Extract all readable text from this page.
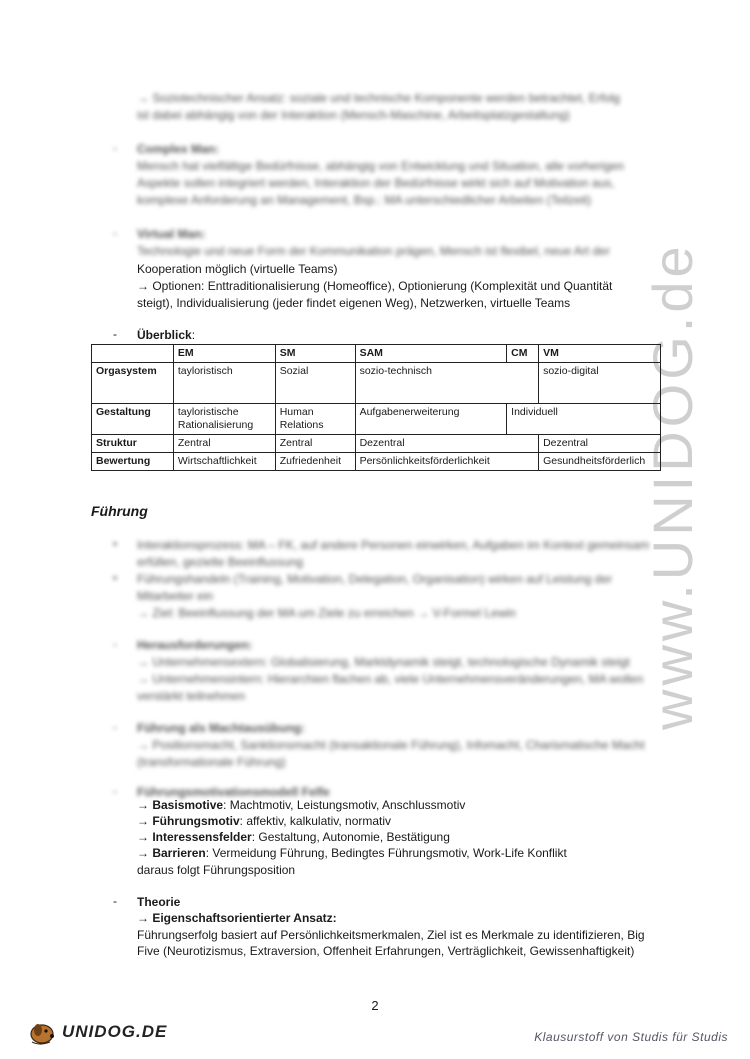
www.UNIDOG.de
→ Soziotechnischer Ansatz: soziale und technische Komponente werden betrachtet, Erfolg
ist dabei abhängig von der Interaktion (Mensch-Maschine, Arbeitsplatzgestaltung)
-	Complex Man:
Mensch hat vielfältige Bedürfnisse, abhängig von Entwicklung und Situation, alle vorherigen
Aspekte sollen integriert werden, Interaktion der Bedürfnisse wirkt sich auf Motivation aus,
komplexe Anforderung an Management, Bsp.: MA unterschiedlicher Arbeiten (Teilzeit)
-	Virtual Man:
Technologie und neue Form der Kommunikation prägen, Mensch ist flexibel, neue Art der
Kooperation möglich (virtuelle Teams)
→ Optionen: Enttraditionalisierung (Homeoffice), Optionierung (Komplexität und Quantität
steigt), Individualisierung (jeder findet eigenen Weg), Netzwerken, virtuelle Teams
-	Überblick:
	EM	SM	SAM	CM	VM
Orgasystem	tayloristisch	Sozial	sozio-technisch		sozio-digital
Gestaltung	tayloristische Rationalisierung	Human Relations	Aufgabenerweiterung	Individuell	
Struktur	Zentral	Zentral	Dezentral		Dezentral
Bewertung	Wirtschaftlichkeit	Zufriedenheit	Persönlichkeitsförderlichkeit		Gesundheitsförderlich
Führung
•	Interaktionsprozess: MA – FK, auf andere Personen einwirken, Aufgaben im Kontext gemeinsam
erfüllen, gezielte Beeinflussung
•	Führungshandeln (Training, Motivation, Delegation, Organisation) wirken auf Leistung der
Mitarbeiter ein
→ Ziel: Beeinflussung der MA um Ziele zu erreichen → V-Formel Lewin
-	Herausforderungen:
→ Unternehmensextern: Globalisierung, Marktdynamik steigt, technologische Dynamik steigt
→ Unternehmensintern: Hierarchien flachen ab, viele Unternehmensveränderungen, MA wollen
verstärkt teilnehmen
-	Führung als Machtausübung:
→ Positionsmacht, Sanktionsmacht (transaktionale Führung), Infomacht, Charismatische Macht
(transformationale Führung)
-	Führungsmotivationsmodell Felfe
→ Basismotive: Machtmotiv, Leistungsmotiv, Anschlussmotiv
→ Führungsmotiv: affektiv, kalkulativ, normativ
→ Interessensfelder: Gestaltung, Autonomie, Bestätigung
→ Barrieren: Vermeidung Führung, Bedingtes Führungsmotiv, Work-Life Konflikt
daraus folgt Führungsposition
-	Theorie
→ Eigenschaftsorientierter Ansatz:
Führungserfolg basiert auf Persönlichkeitsmerkmalen, Ziel ist es Merkmale zu identifizieren, Big
Five (Neurotizismus, Extraversion, Offenheit Erfahrungen, Verträglichkeit, Gewissenhaftigkeit)
2
UNIDOG.DE	Klausurstoff von Studis für Studis
